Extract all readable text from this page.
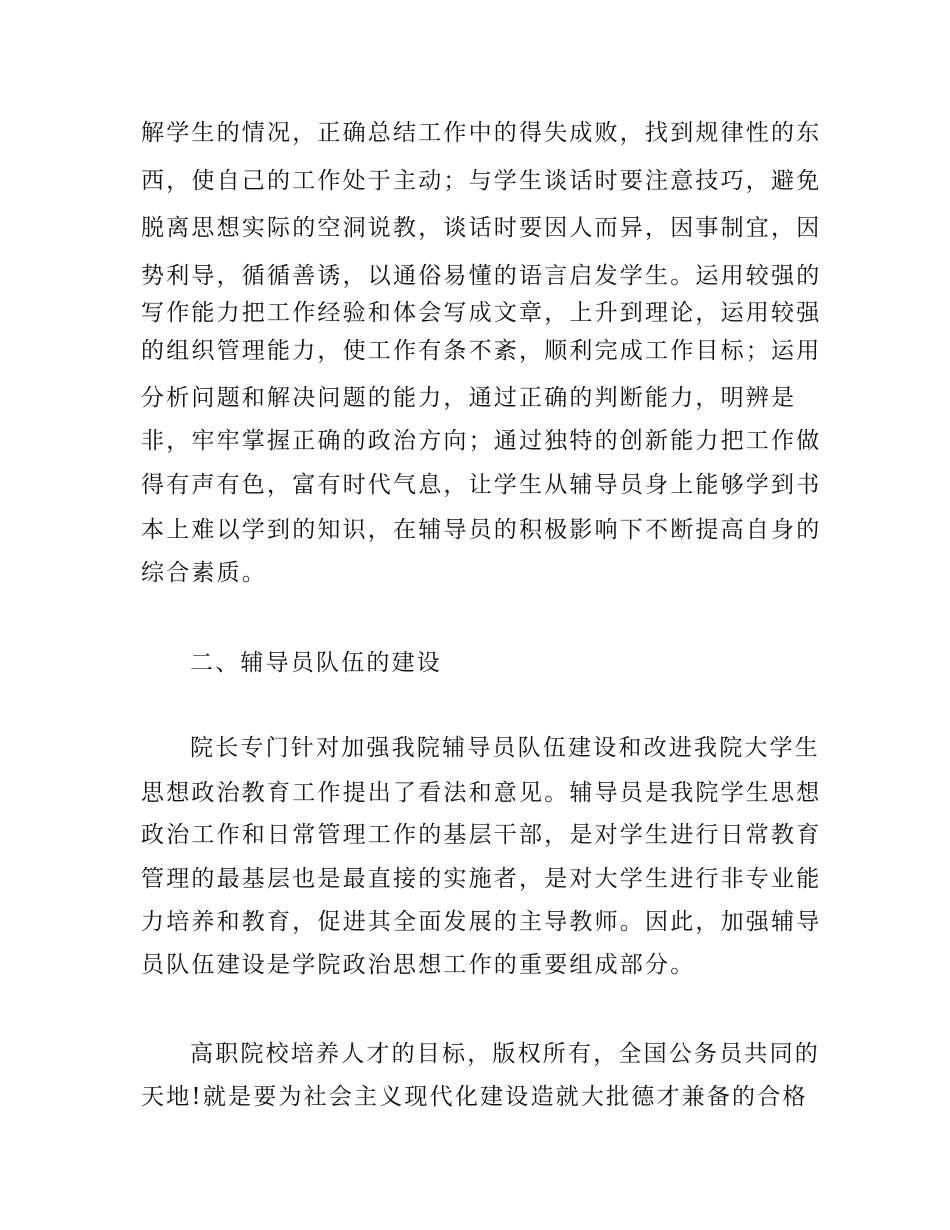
解学生的情况，正确总结工作中的得失成败，找到规律性的东
西，使自己的工作处于主动；与学生谈话时要注意技巧，避免
脱离思想实际的空洞说教，谈话时要因人而异，因事制宜，因
势利导，循循善诱，以通俗易懂的语言启发学生。运用较强的
写作能力把工作经验和体会写成文章，上升到理论，运用较强
的组织管理能力，使工作有条不紊，顺利完成工作目标；运用
分析问题和解决问题的能力，通过正确的判断能力，明辨是
非，牢牢掌握正确的政治方向；通过独特的创新能力把工作做
得有声有色，富有时代气息，让学生从辅导员身上能够学到书
本上难以学到的知识，在辅导员的积极影响下不断提高自身的
综合素质。
二、辅导员队伍的建设
院长专门针对加强我院辅导员队伍建设和改进我院大学生
思想政治教育工作提出了看法和意见。辅导员是我院学生思想
政治工作和日常管理工作的基层干部，是对学生进行日常教育
管理的最基层也是最直接的实施者，是对大学生进行非专业能
力培养和教育，促进其全面发展的主导教师。因此，加强辅导
员队伍建设是学院政治思想工作的重要组成部分。
高职院校培养人才的目标，版权所有，全国公务员共同的
天地!就是要为社会主义现代化建设造就大批德才兼备的合格
